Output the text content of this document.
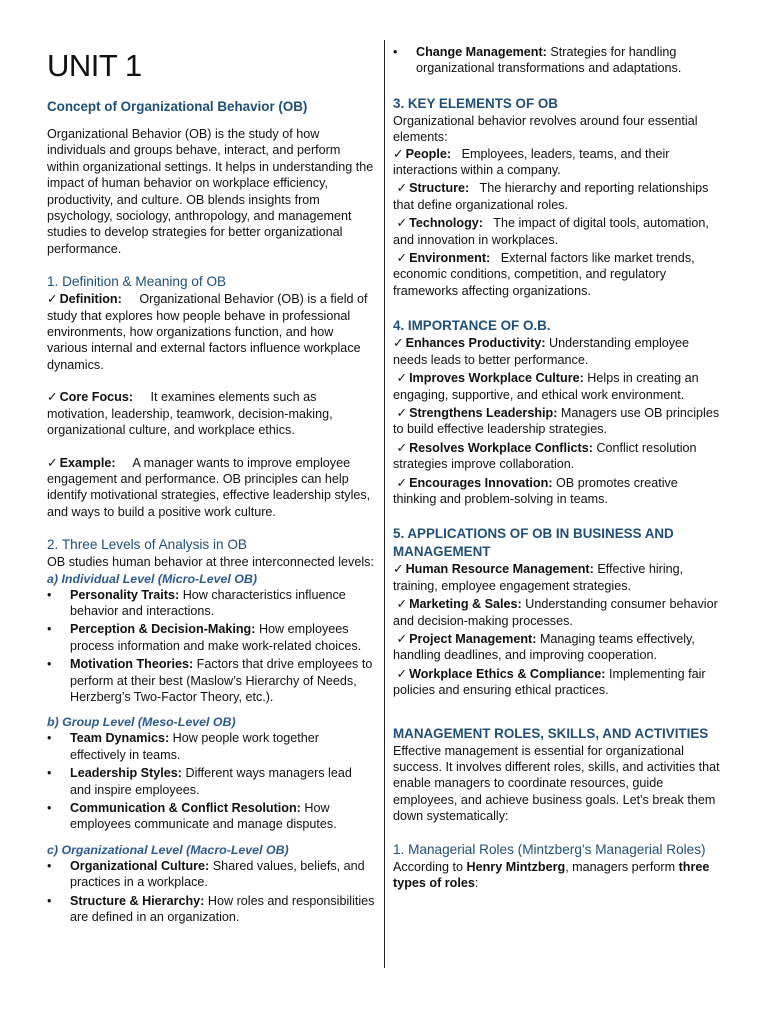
UNIT 1
Concept of Organizational Behavior (OB)

Organizational Behavior (OB) is the study of how individuals and groups behave, interact, and perform within organizational settings. It helps in understanding the impact of human behavior on workplace efficiency, productivity, and culture. OB blends insights from psychology, sociology, anthropology, and management studies to develop strategies for better organizational performance.

1. Definition & Meaning of OB

✓ Definition: Organizational Behavior (OB) is a field of study that explores how people behave in professional environments, how organizations function, and how various internal and external factors influence workplace dynamics.

✓ Core Focus: It examines elements such as motivation, leadership, teamwork, decision-making, organizational culture, and workplace ethics.

✓ Example: A manager wants to improve employee engagement and performance. OB principles can help identify motivational strategies, effective leadership styles, and ways to build a positive work culture.

2. Three Levels of Analysis in OB

OB studies human behavior at three interconnected levels:

a) Individual Level (Micro-Level OB)
• Personality Traits: How characteristics influence behavior and interactions.
• Perception & Decision-Making: How employees process information and make work-related choices.
• Motivation Theories: Factors that drive employees to perform at their best (Maslow’s Hierarchy of Needs, Herzberg’s Two-Factor Theory, etc.).
b) Group Level (Meso-Level OB)
• Team Dynamics: How people work together effectively in teams.
• Leadership Styles: Different ways managers lead and inspire employees.
• Communication & Conflict Resolution: How employees communicate and manage disputes.
c) Organizational Level (Macro-Level OB)
• Organizational Culture: Shared values, beliefs, and practices in a workplace.
• Structure & Hierarchy: How roles and responsibilities are defined in an organization.
• Change Management: Strategies for handling organizational transformations and adaptations.
3. KEY ELEMENTS OF OB

Organizational behavior revolves around four essential elements:

✓ People: Employees, leaders, teams, and their interactions within a company.

✓ Structure: The hierarchy and reporting relationships that define organizational roles.

✓ Technology: The impact of digital tools, automation, and innovation in workplaces.

✓ Environment: External factors like market trends, economic conditions, competition, and regulatory frameworks affecting organizations.

4. IMPORTANCE OF O.B.

✓ Enhances Productivity: Understanding employee needs leads to better performance.

✓ Improves Workplace Culture: Helps in creating an engaging, supportive, and ethical work environment.

✓ Strengthens Leadership: Managers use OB principles to build effective leadership strategies.

✓ Resolves Workplace Conflicts: Conflict resolution strategies improve collaboration.

✓ Encourages Innovation: OB promotes creative thinking and problem-solving in teams.

5. APPLICATIONS OF OB IN BUSINESS AND MANAGEMENT

✓ Human Resource Management: Effective hiring, training, employee engagement strategies.

✓ Marketing & Sales: Understanding consumer behavior and decision-making processes.

✓ Project Management: Managing teams effectively, handling deadlines, and improving cooperation.

✓ Workplace Ethics & Compliance: Implementing fair policies and ensuring ethical practices.

MANAGEMENT ROLES, SKILLS, AND ACTIVITIES

Effective management is essential for organizational success. It involves different roles, skills, and activities that enable managers to coordinate resources, guide employees, and achieve business goals. Let's break them down systematically:

1. Managerial Roles (Mintzberg’s Managerial Roles)

According to Henry Mintzberg, managers perform three types of roles:
